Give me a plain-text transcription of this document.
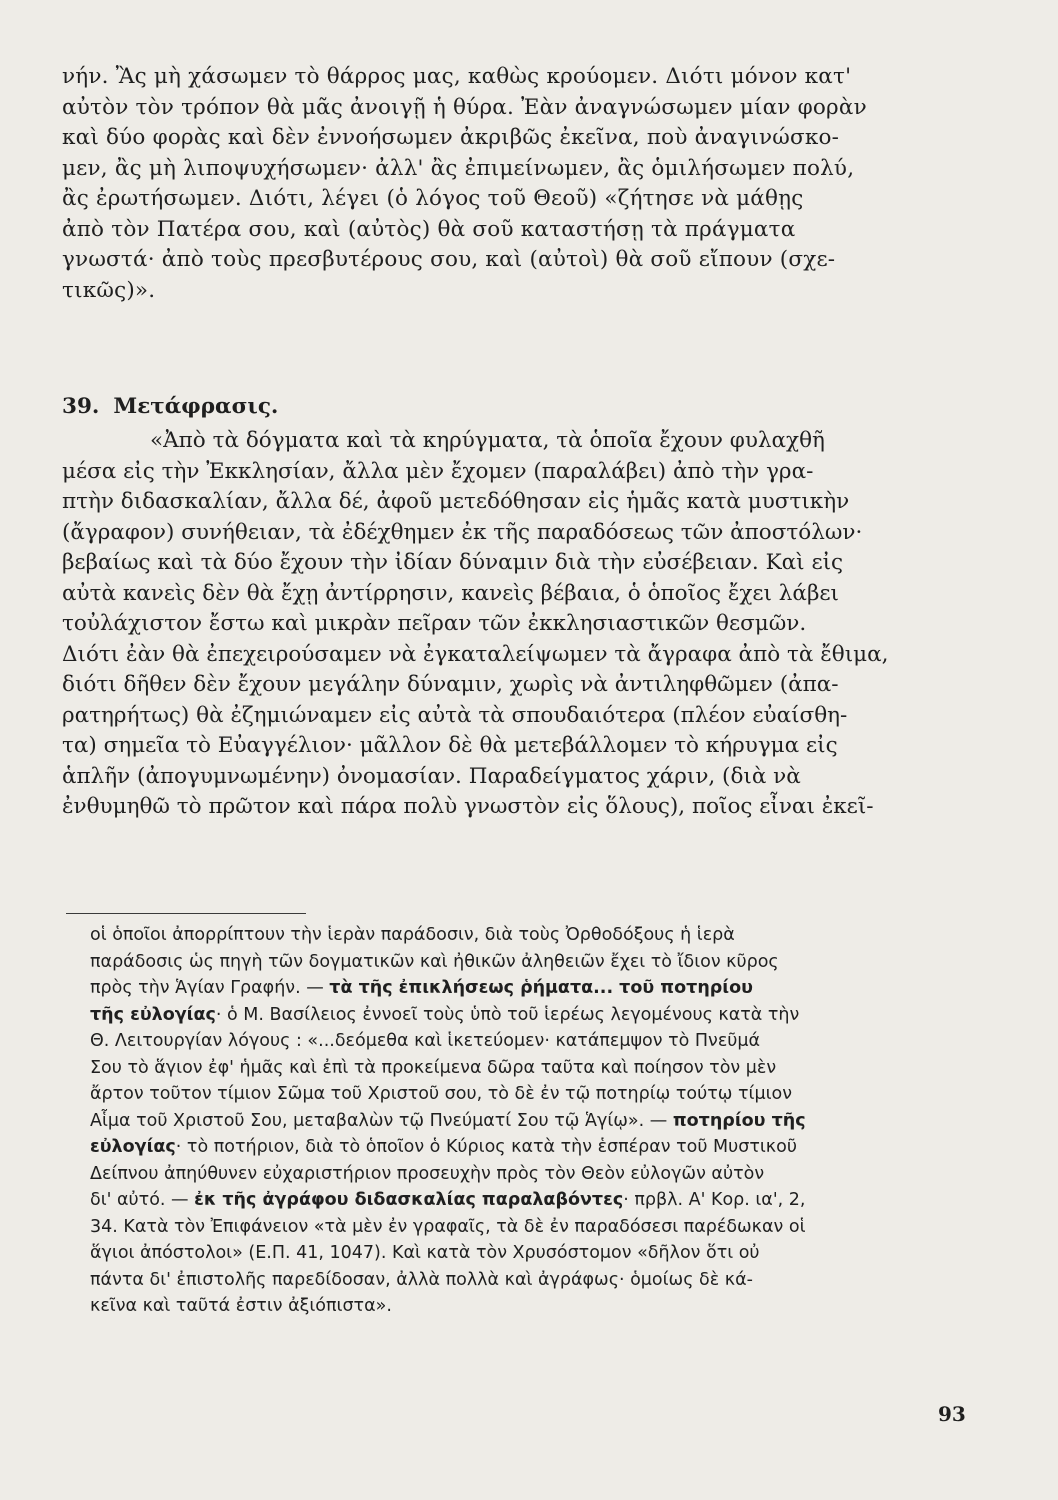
νήν. Ἂς μὴ χάσωμεν τὸ θάρρος μας, καθὼς κρούομεν. Διότι μόνον κατ'
αὐτὸν τὸν τρόπον θὰ μᾶς ἀνοιγῇ ἡ θύρα. Ἐὰν ἀναγνώσωμεν μίαν φορὰν
καὶ δύο φορὰς καὶ δὲν ἐννοήσωμεν ἀκριβῶς ἐκεῖνα, ποὺ ἀναγινώσκο-
μεν, ἂς μὴ λιποψυχήσωμεν· ἀλλ' ἂς ἐπιμείνωμεν, ἂς ὁμιλήσωμεν πολύ,
ἂς ἐρωτήσωμεν. Διότι, λέγει (ὁ λόγος τοῦ Θεοῦ) «ζήτησε νὰ μάθῃς
ἀπὸ τὸν Πατέρα σου, καὶ (αὐτὸς) θὰ σοῦ καταστήσῃ τὰ πράγματα
γνωστά· ἀπὸ τοὺς πρεσβυτέρους σου, καὶ (αὐτοὶ) θὰ σοῦ εἴπουν (σχε-
τικῶς)».
39. Μετάφρασις.
«Ἀπὸ τὰ δόγματα καὶ τὰ κηρύγματα, τὰ ὁποῖα ἔχουν φυλαχθῆ
μέσα εἰς τὴν Ἐκκλησίαν, ἄλλα μὲν ἔχομεν (παραλάβει) ἀπὸ τὴν γρα-
πτὴν διδασκαλίαν, ἄλλα δέ, ἀφοῦ μετεδόθησαν εἰς ἡμᾶς κατὰ μυστικὴν
(ἄγραφον) συνήθειαν, τὰ ἐδέχθημεν ἐκ τῆς παραδόσεως τῶν ἀποστόλων·
βεβαίως καὶ τὰ δύο ἔχουν τὴν ἰδίαν δύναμιν διὰ τὴν εὐσέβειαν. Καὶ εἰς
αὐτὰ κανεὶς δὲν θὰ ἔχῃ ἀντίρρησιν, κανεὶς βέβαια, ὁ ὁποῖος ἔχει λάβει
τοὐλάχιστον ἔστω καὶ μικρὰν πεῖραν τῶν ἐκκλησιαστικῶν θεσμῶν.
Διότι ἐὰν θὰ ἐπεχειρούσαμεν νὰ ἐγκαταλείψωμεν τὰ ἄγραφα ἀπὸ τὰ ἔθιμα,
διότι δῆθεν δὲν ἔχουν μεγάλην δύναμιν, χωρὶς νὰ ἀντιληφθῶμεν (ἀπα-
ρατηρήτως) θὰ ἐζημιώναμεν εἰς αὐτὰ τὰ σπουδαιότερα (πλέον εὐαίσθη-
τα) σημεῖα τὸ Εὐαγγέλιον· μᾶλλον δὲ θὰ μετεβάλλομεν τὸ κήρυγμα εἰς
ἁπλῆν (ἀπογυμνωμένην) ὀνομασίαν. Παραδείγματος χάριν, (διὰ νὰ
ἐνθυμηθῶ τὸ πρῶτον καὶ πάρα πολὺ γνωστὸν εἰς ὅλους), ποῖος εἶναι ἐκεῖ-
οἱ ὁποῖοι ἀπορρίπτουν τὴν ἱερὰν παράδοσιν, διὰ τοὺς Ὀρθοδόξους ἡ ἱερὰ
παράδοσις ὡς πηγὴ τῶν δογματικῶν καὶ ἠθικῶν ἀληθειῶν ἔχει τὸ ἴδιον κῦρος
πρὸς τὴν Ἁγίαν Γραφήν. — τὰ τῆς ἐπικλήσεως ῥήματα... τοῦ ποτηρίου
τῆς εὐλογίας· ὁ Μ. Βασίλειος ἐννοεῖ τοὺς ὑπὸ τοῦ ἱερέως λεγομένους κατὰ τὴν
Θ. Λειτουργίαν λόγους : «...δεόμεθα καὶ ἱκετεύομεν· κατάπεμψον τὸ Πνεῦμά
Σου τὸ ἅγιον ἐφ' ἡμᾶς καὶ ἐπὶ τὰ προκείμενα δῶρα ταῦτα καὶ ποίησον τὸν μὲν
ἄρτον τοῦτον τίμιον Σῶμα τοῦ Χριστοῦ σου, τὸ δὲ ἐν τῷ ποτηρίῳ τούτῳ τίμιον
Αἷμα τοῦ Χριστοῦ Σου, μεταβαλὼν τῷ Πνεύματί Σου τῷ Ἁγίῳ». — ποτηρίου τῆς
εὐλογίας· τὸ ποτήριον, διὰ τὸ ὁποῖον ὁ Κύριος κατὰ τὴν ἑσπέραν τοῦ Μυστικοῦ
Δείπνου ἀπηύθυνεν εὐχαριστήριον προσευχὴν πρὸς τὸν Θεὸν εὐλογῶν αὐτὸν
δι' αὐτό. — ἐκ τῆς ἀγράφου διδασκαλίας παραλαβόντες· πρβλ. Α' Κορ. ια', 2,
34. Κατὰ τὸν Ἐπιφάνειον «τὰ μὲν ἐν γραφαῖς, τὰ δὲ ἐν παραδόσεσι παρέδωκαν οἱ
ἅγιοι ἀπόστολοι» (Ε.Π. 41, 1047). Καὶ κατὰ τὸν Χρυσόστομον «δῆλον ὅτι οὐ
πάντα δι' ἐπιστολῆς παρεδίδοσαν, ἀλλὰ πολλὰ καὶ ἀγράφως· ὁμοίως δὲ κά-
κεῖνα καὶ ταῦτά ἐστιν ἀξιόπιστα».
93
